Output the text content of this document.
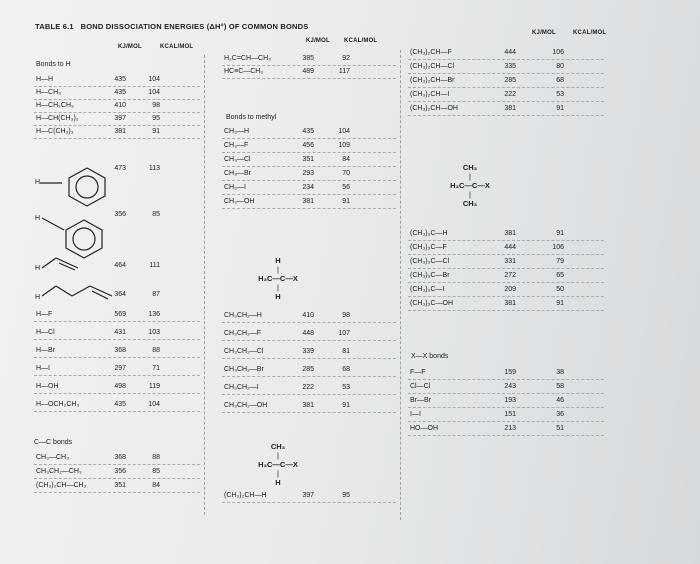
TABLE 6.1 BOND DISSOCIATION ENERGIES (ΔH°) OF COMMON BONDS
KJ/MOL	KCAL/MOL
KJ/MOL KCAL/MOL
KJ/MOL	KCAL/MOL
Bonds to H
H—H	435	104
H—CH₃	435	104
H—CH₂CH₃	410	98
H—CH(CH₃)₂	397	95
H—C(CH₃)₃	381	91
H
H
H
H
473	113
356	85
464	111
364	87
H—F	569	136
H—Cl	431	103
H—Br	368	88
H—I	297	71
H—OH	498	119
H—OCH₂CH₃	435	104
C—C bonds
CH₃—CH₃	368	88
CH₃CH₂—CH₃	356	85
(CH₃)₂CH—CH₃	351	84
H₂C=CH—CH₃	385	92
HC≡C—CH₃	489	117
Bonds to methyl
CH₃—H	435	104
CH₃—F	456	109
CH₃—Cl	351	84
CH₃—Br	293	70
CH₃—I	234	56
CH₃—OH	381	91
H
|
H₃C—C—X
|
H
CH₃CH₂—H	410	98
CH₃CH₂—F	448	107
CH₃CH₂—Cl	339	81
CH₃CH₂—Br	285	68
CH₃CH₂—I	222	53
CH₃CH₂—OH	381	91
CH₃
|
H₃C—C—X
|
H
(CH₃)₂CH—H	397	95
(CH₃)₂CH—F	444	106
(CH₃)₂CH—Cl	335	80
(CH₃)₂CH—Br	285	68
(CH₃)₂CH—I	222	53
(CH₃)₂CH—OH	381	91
CH₃
|
H₃C—C—X
|
CH₃
(CH₃)₃C—H	381	91
(CH₃)₃C—F	444	106
(CH₃)₃C—Cl	331	79
(CH₃)₃C—Br	272	65
(CH₃)₃C—I	209	50
(CH₃)₃C—OH	381	91
X—X bonds
F—F	159	38
Cl—Cl	243	58
Br—Br	193	46
I—I	151	36
HO—OH	213	51
